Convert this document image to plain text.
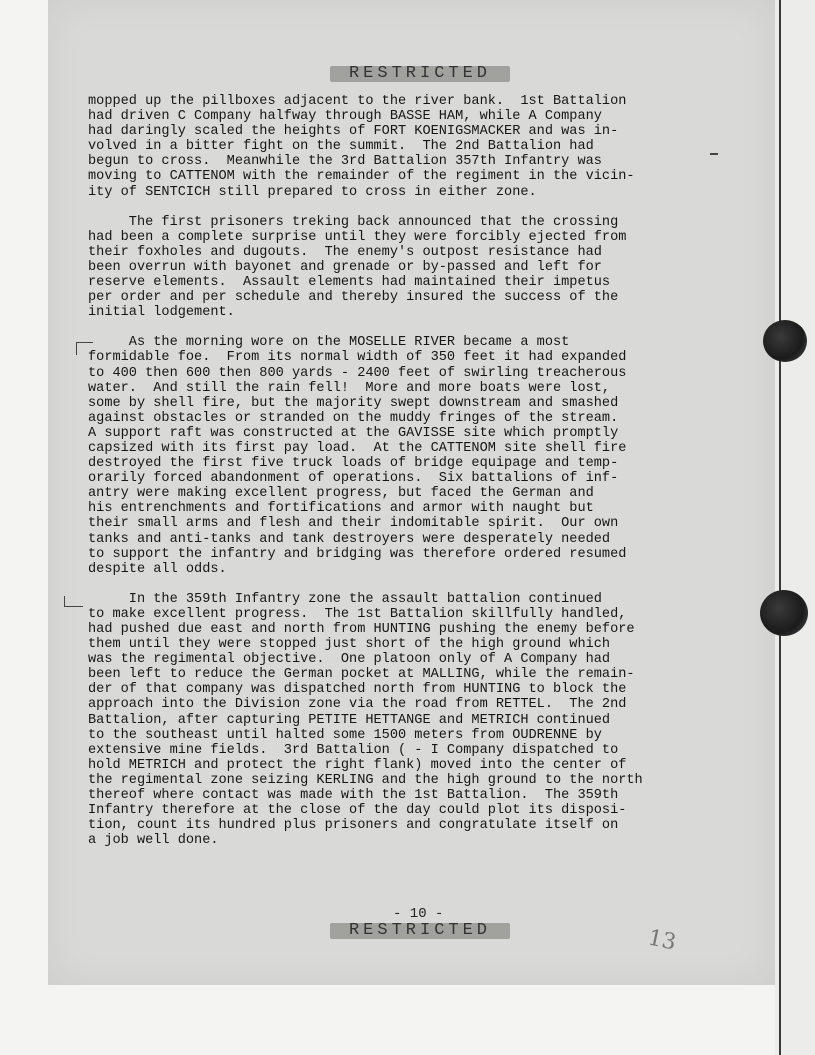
RESTRICTED

mopped up the pillboxes adjacent to the river bank.  1st Battalion
had driven C Company halfway through BASSE HAM, while A Company
had daringly scaled the heights of FORT KOENIGSMACKER and was in-
volved in a bitter fight on the summit.  The 2nd Battalion had
begun to cross.  Meanwhile the 3rd Battalion 357th Infantry was
moving to CATTENOM with the remainder of the regiment in the vicin-
ity of SENTCICH still prepared to cross in either zone.

The first prisoners treking back announced that the crossing
had been a complete surprise until they were forcibly ejected from
their foxholes and dugouts.  The enemy's outpost resistance had
been overrun with bayonet and grenade or by-passed and left for
reserve elements.  Assault elements had maintained their impetus
per order and per schedule and thereby insured the success of the
initial lodgement.

As the morning wore on the MOSELLE RIVER became a most
formidable foe.  From its normal width of 350 feet it had expanded
to 400 then 600 then 800 yards - 2400 feet of swirling treacherous
water.  And still the rain fell!  More and more boats were lost,
some by shell fire, but the majority swept downstream and smashed
against obstacles or stranded on the muddy fringes of the stream.
A support raft was constructed at the GAVISSE site which promptly
capsized with its first pay load.  At the CATTENOM site shell fire
destroyed the first five truck loads of bridge equipage and temp-
orarily forced abandonment of operations.  Six battalions of inf-
antry were making excellent progress, but faced the German and
his entrenchments and fortifications and armor with naught but
their small arms and flesh and their indomitable spirit.  Our own
tanks and anti-tanks and tank destroyers were desperately needed
to support the infantry and bridging was therefore ordered resumed
despite all odds.

In the 359th Infantry zone the assault battalion continued
to make excellent progress.  The 1st Battalion skillfully handled,
had pushed due east and north from HUNTING pushing the enemy before
them until they were stopped just short of the high ground which
was the regimental objective.  One platoon only of A Company had
been left to reduce the German pocket at MALLING, while the remain-
der of that company was dispatched north from HUNTING to block the
approach into the Division zone via the road from RETTEL.  The 2nd
Battalion, after capturing PETITE HETTANGE and METRICH continued
to the southeast until halted some 1500 meters from OUDRENNE by
extensive mine fields.  3rd Battalion ( - I Company dispatched to
hold METRICH and protect the right flank) moved into the center of
the regimental zone seizing KERLING and the high ground to the north
thereof where contact was made with the 1st Battalion.  The 359th
Infantry therefore at the close of the day could plot its disposi-
tion, count its hundred plus prisoners and congratulate itself on
a job well done.

- 10 -
RESTRICTED	13
